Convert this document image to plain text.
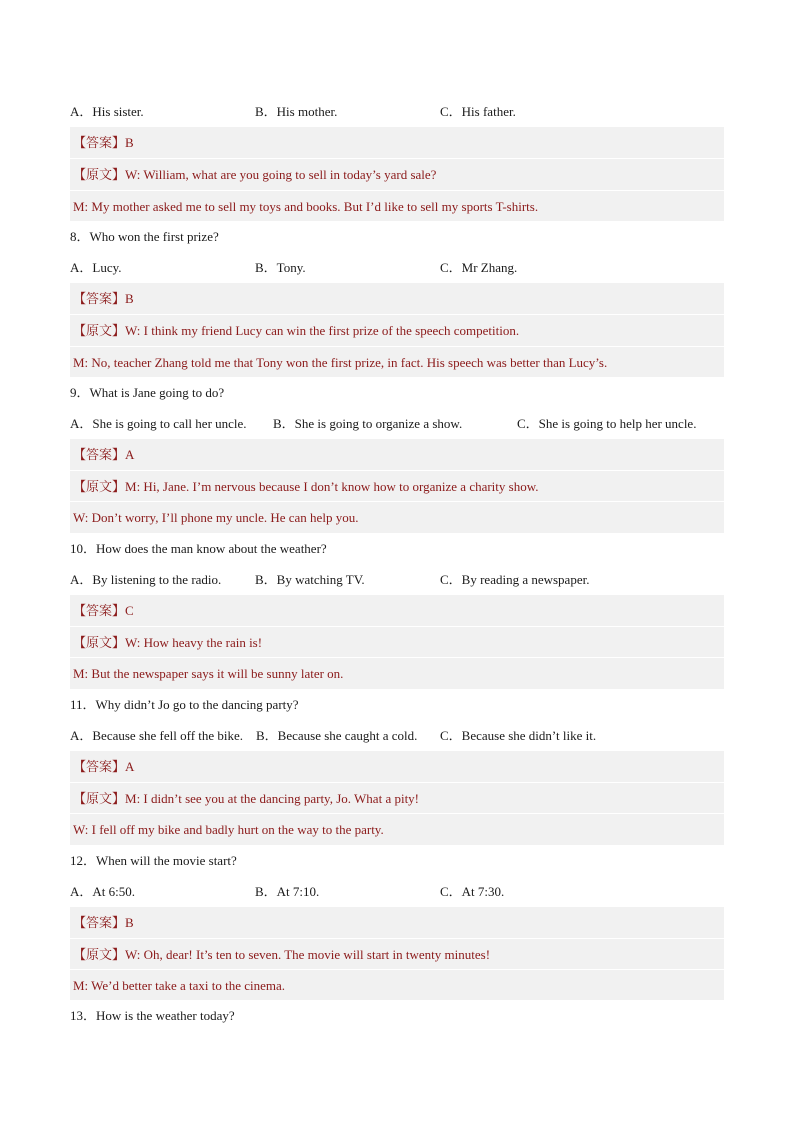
A．His sister.	B．His mother.	C．His father.
【答案】B
【原文】W: William, what are you going to sell in today’s yard sale?
M: My mother asked me to sell my toys and books. But I’d like to sell my sports T-shirts.
8．Who won the first prize?
A．Lucy.	B．Tony.	C．Mr Zhang.
【答案】B
【原文】W: I think my friend Lucy can win the first prize of the speech competition.
M: No, teacher Zhang told me that Tony won the first prize, in fact. His speech was better than Lucy’s.
9．What is Jane going to do?
A．She is going to call her uncle. B．She is going to organize a show.	C．She is going to help her uncle.
【答案】A
【原文】M: Hi, Jane. I’m nervous because I don’t know how to organize a charity show.
W: Don’t worry, I’ll phone my uncle. He can help you.
10．How does the man know about the weather?
A．By listening to the radio.	B．By watching TV.	C．By reading a newspaper.
【答案】C
【原文】W: How heavy the rain is!
M: But the newspaper says it will be sunny later on.
11．Why didn’t Jo go to the dancing party?
A．Because she fell off the bike. B．Because she caught a cold. C．Because she didn’t like it.
【答案】A
【原文】M: I didn’t see you at the dancing party, Jo. What a pity!
W: I fell off my bike and badly hurt on the way to the party.
12．When will the movie start?
A．At 6:50.	B．At 7:10.	C．At 7:30.
【答案】B
【原文】W: Oh, dear! It’s ten to seven. The movie will start in twenty minutes!
M: We’d better take a taxi to the cinema.
13．How is the weather today?
